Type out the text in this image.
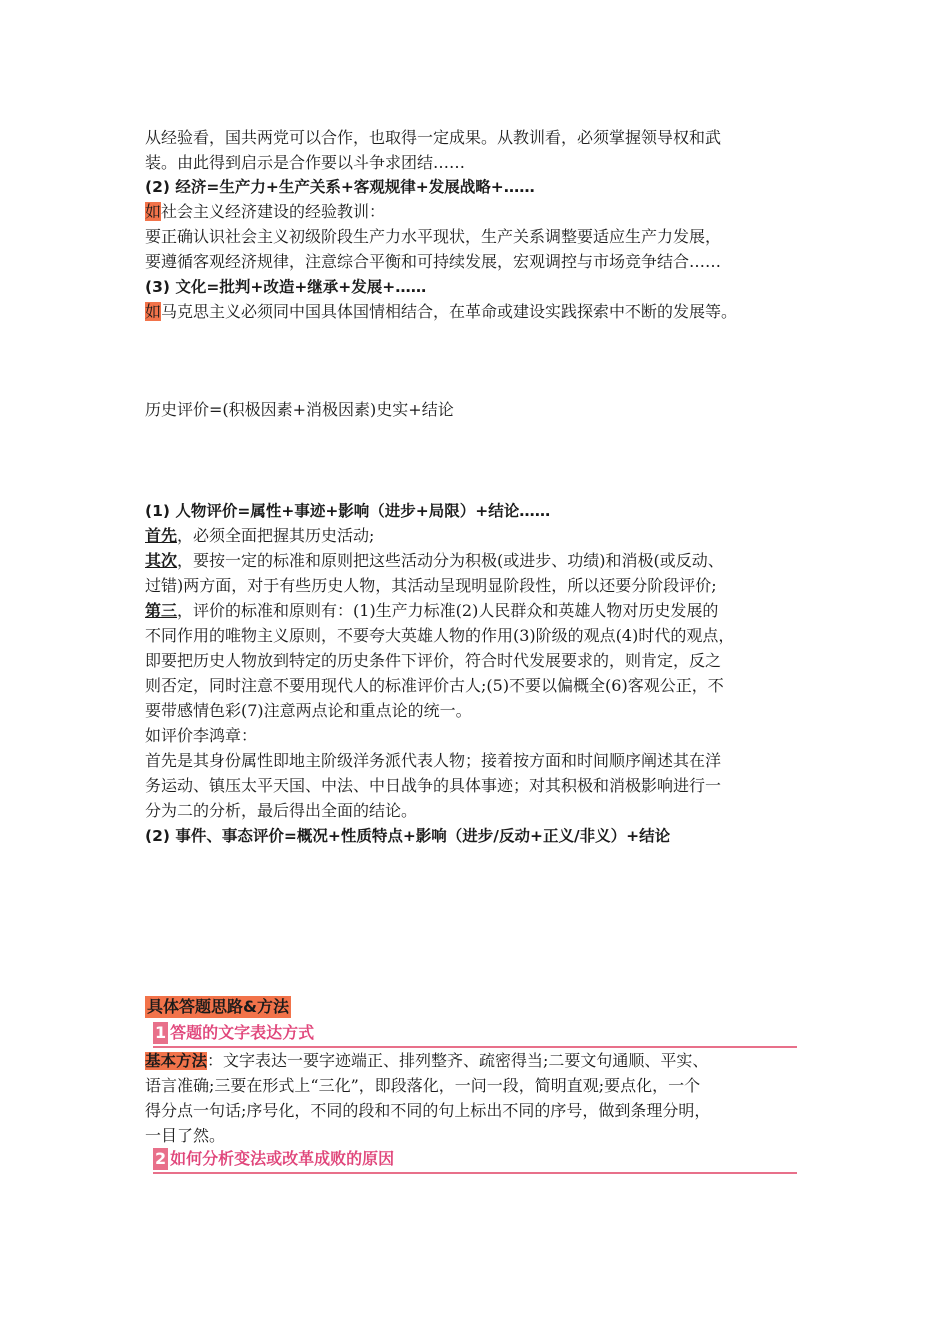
从经验看，国共两党可以合作，也取得一定成果。从教训看，必须掌握领导权和武
装。由此得到启示是合作要以斗争求团结……
(2) 经济=生产力+生产关系+客观规律+发展战略+……
如社会主义经济建设的经验教训：
要正确认识社会主义初级阶段生产力水平现状，生产关系调整要适应生产力发展，
要遵循客观经济规律，注意综合平衡和可持续发展，宏观调控与市场竞争结合……
(3) 文化=批判+改造+继承+发展+……
如马克思主义必须同中国具体国情相结合，在革命或建设实践探索中不断的发展等。
历史评价=(积极因素+消极因素)史实+结论
(1) 人物评价=属性+事迹+影响（进步+局限）+结论……
首先，必须全面把握其历史活动;
其次，要按一定的标准和原则把这些活动分为积极(或进步、功绩)和消极(或反动、
过错)两方面，对于有些历史人物，其活动呈现明显阶段性，所以还要分阶段评价;
第三，评价的标准和原则有：(1)生产力标准(2)人民群众和英雄人物对历史发展的
不同作用的唯物主义原则，不要夸大英雄人物的作用(3)阶级的观点(4)时代的观点，
即要把历史人物放到特定的历史条件下评价，符合时代发展要求的，则肯定，反之
则否定，同时注意不要用现代人的标准评价古人;(5)不要以偏概全(6)客观公正，不
要带感情色彩(7)注意两点论和重点论的统一。
如评价李鸿章：
首先是其身份属性即地主阶级洋务派代表人物；接着按方面和时间顺序阐述其在洋
务运动、镇压太平天国、中法、中日战争的具体事迹；对其积极和消极影响进行一
分为二的分析，最后得出全面的结论。
(2) 事件、事态评价=概况+性质特点+影响（进步/反动+正义/非义）+结论
具体答题思路&方法
1 答题的文字表达方式
基本方法：文字表达一要字迹端正、排列整齐、疏密得当;二要文句通顺、平实、
语言准确;三要在形式上“三化”，即段落化，一问一段，简明直观;要点化，一个
得分点一句话;序号化，不同的段和不同的句上标出不同的序号，做到条理分明，
一目了然。
2 如何分析变法或改革成败的原因
